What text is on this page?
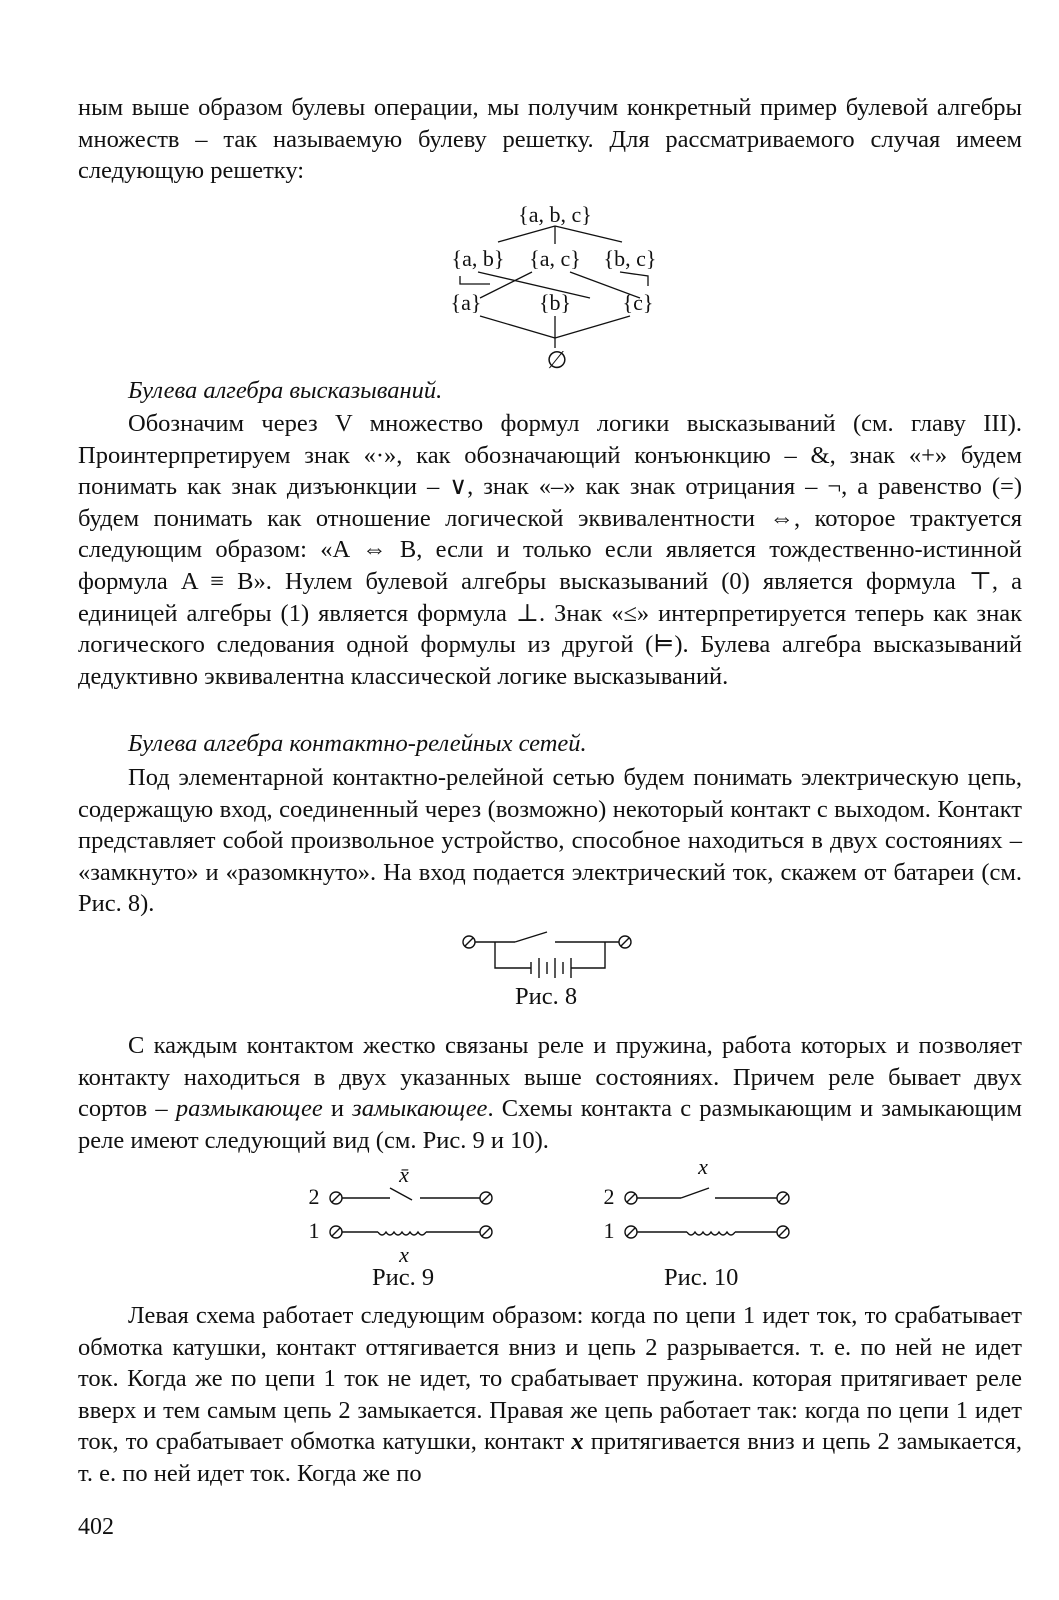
ным выше образом булевы операции, мы получим конкретный пример булевой алгебры множеств – так называемую булеву решетку. Для рассматриваемого случая имеем следующую решетку:

{a, b, c}
{a, b} {a, c} {b, c}
{a}	{b} {c}
∅

Булева алгебра высказываний.

Обозначим через V множество формул логики высказываний (см. главу III). Проинтерпретируем знак «·», как обозначающий конъюнкцию – &, знак «+» будем понимать как знак дизъюнкции – ∨, знак «–» как знак отрицания – ¬, а равенство (=) будем понимать как отношение логической эквивалентности ⇔, которое трактуется следующим образом: «A ⇔ B, если и только если является тождественно-истинной формула A ≡ B». Нулем булевой алгебры высказываний (0) является формула ⊤, а единицей алгебры (1) является формула ⊥. Знак «≤» интерпретируется теперь как знак логического следования одной формулы из другой (⊨). Булева алгебра высказываний дедуктивно эквивалентна классической логике высказываний.

Булева алгебра контактно-релейных сетей.

Под элементарной контактно-релейной сетью будем понимать электрическую цепь, содержащую вход, соединенный через (возможно) некоторый контакт с выходом. Контакт представляет собой произвольное устройство, способное находиться в двух состояниях – «замкнуто» и «разомкнуто». На вход подается электрический ток, скажем от батареи (см. Рис. 8).

Рис. 8

С каждым контактом жестко связаны реле и пружина, работа которых и позволяет контакту находиться в двух указанных выше состояниях. Причем реле бывает двух сортов – размыкающее и замыкающее. Схемы контакта с размыкающим и замыкающим реле имеют следующий вид (см. Рис. 9 и 10).

x̄
2
1
x
Рис. 9
x
2
1
Рис. 10

Левая схема работает следующим образом: когда по цепи 1 идет ток, то срабатывает обмотка катушки, контакт оттягивается вниз и цепь 2 разрывается. т. е. по ней не идет ток. Когда же по цепи 1 ток не идет, то срабатывает пружина. которая притягивает реле вверх и тем самым цепь 2 замыкается. Правая же цепь работает так: когда по цепи 1 идет ток, то срабатывает обмотка катушки, контакт x притягивается вниз и цепь 2 замыкается, т. е. по ней идет ток. Когда же по

402
